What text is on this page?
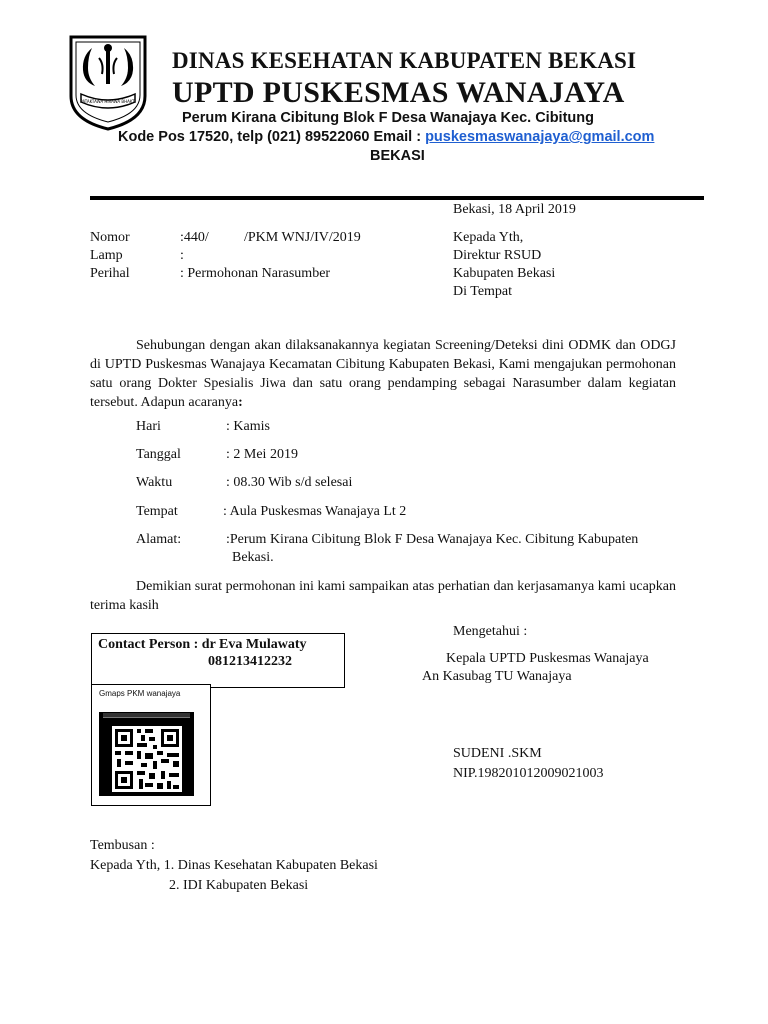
PATAKTAWA HIRAWA BHAKTI
DINAS KESEHATAN KABUPATEN BEKASI
UPTD PUSKESMAS WANAJAYA
Perum Kirana Cibitung Blok F Desa Wanajaya Kec. Cibitung
Kode Pos 17520, telp (021) 89522060 Email : puskesmaswanajaya@gmail.com
BEKASI
Bekasi, 18 April 2019
Nomor	:440/	/PKM WNJ/IV/2019
Lamp	:
Perihal	: Permohonan Narasumber
Kepada Yth,
Direktur RSUD
Kabupaten Bekasi
Di Tempat

Sehubungan dengan akan dilaksanakannya kegiatan Screening/Deteksi dini ODMK dan ODGJ di UPTD Puskesmas Wanajaya Kecamatan Cibitung Kabupaten Bekasi, Kami mengajukan permohonan satu orang Dokter Spesialis Jiwa dan satu orang pendamping sebagai Narasumber dalam kegiatan tersebut. Adapun acaranya:

Hari	: Kamis
Tanggal	: 2 Mei 2019
Waktu	: 08.30 Wib s/d selesai
Tempat	: Aula Puskesmas Wanajaya Lt 2
Alamat:	:Perum Kirana Cibitung Blok F Desa Wanajaya Kec. Cibitung Kabupaten
Bekasi.

Demikian surat permohonan ini kami sampaikan atas perhatian dan kerjasamanya kami ucapkan terima kasih

Contact Person : dr Eva Mulawaty
081213412232
Gmaps PKM wanajaya
Mengetahui :
Kepala UPTD Puskesmas Wanajaya
An Kasubag TU Wanajaya
SUDENI .SKM
NIP.198201012009021003
Tembusan :
Kepada Yth, 1. Dinas Kesehatan Kabupaten Bekasi
2. IDI Kabupaten Bekasi
